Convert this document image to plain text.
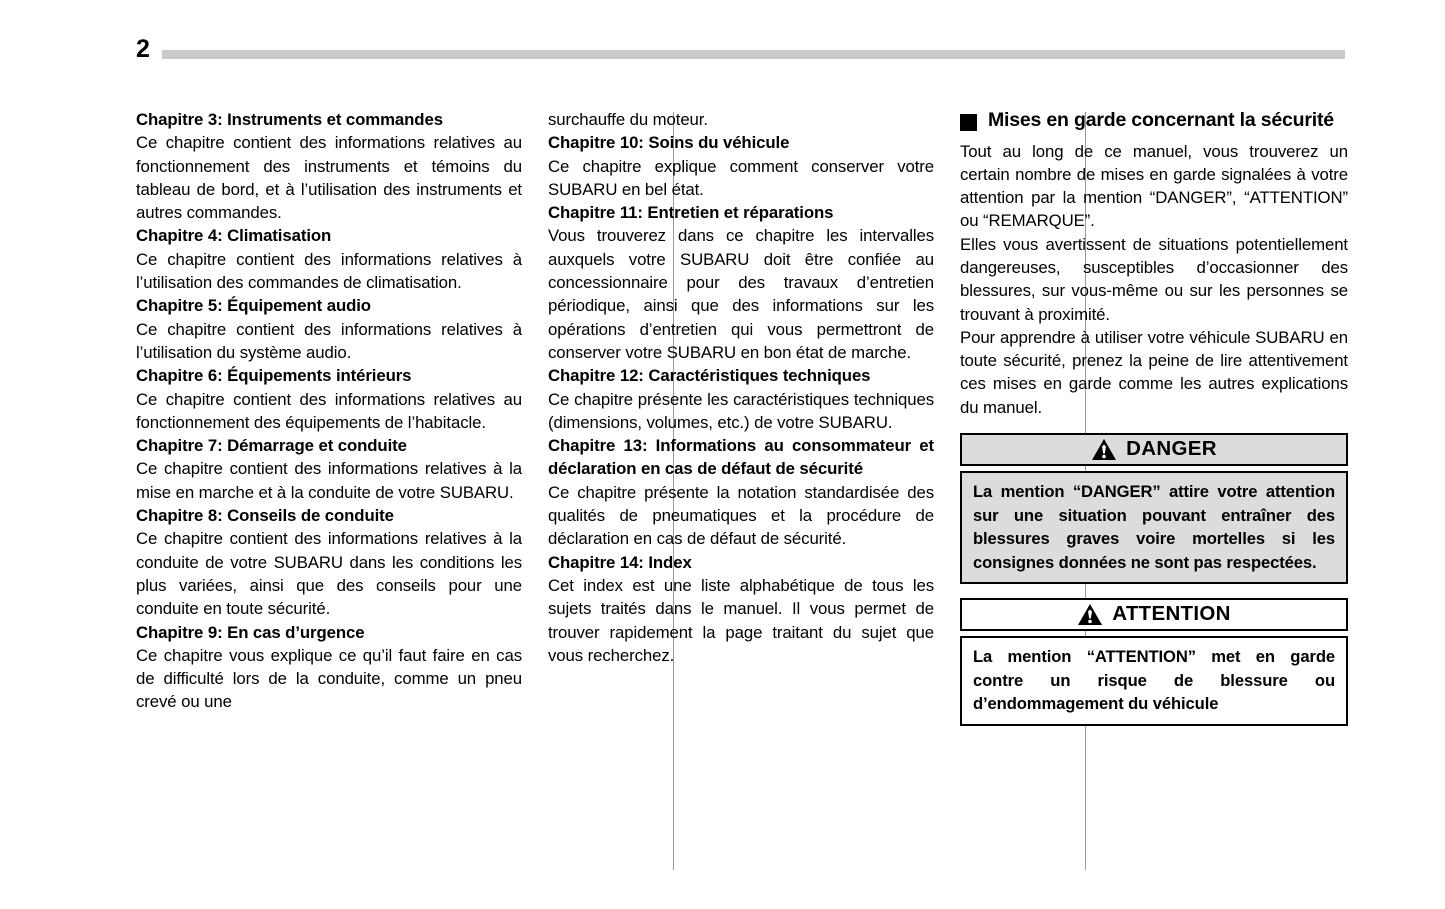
2
Chapitre 3: Instruments et commandes

Ce chapitre contient des informations relatives au fonctionnement des instruments et témoins du tableau de bord, et à l’utilisation des instruments et autres commandes.

Chapitre 4: Climatisation

Ce chapitre contient des informations relatives à l’utilisation des commandes de climatisation.

Chapitre 5: Équipement audio

Ce chapitre contient des informations relatives à l’utilisation du système audio.

Chapitre 6: Équipements intérieurs

Ce chapitre contient des informations relatives au fonctionnement des équipements de l’habitacle.

Chapitre 7: Démarrage et conduite

Ce chapitre contient des informations relatives à la mise en marche et à la conduite de votre SUBARU.

Chapitre 8: Conseils de conduite

Ce chapitre contient des informations relatives à la conduite de votre SUBARU dans les conditions les plus variées, ainsi que des conseils pour une conduite en toute sécurité.

Chapitre 9: En cas d’urgence

Ce chapitre vous explique ce qu’il faut faire en cas de difficulté lors de la conduite, comme un pneu crevé ou une

surchauffe du moteur.

Chapitre 10: Soins du véhicule

Ce chapitre explique comment conserver votre SUBARU en bel état.

Chapitre 11: Entretien et réparations

Vous trouverez dans ce chapitre les intervalles auxquels votre SUBARU doit être confiée au concessionnaire pour des travaux d’entretien périodique, ainsi que des informations sur les opérations d’entretien qui vous permettront de conserver votre SUBARU en bon état de marche.

Chapitre 12: Caractéristiques techniques

Ce chapitre présente les caractéristiques techniques (dimensions, volumes, etc.) de votre SUBARU.

Chapitre 13: Informations au consommateur et déclaration en cas de défaut de sécurité

Ce chapitre présente la notation standardisée des qualités de pneumatiques et la procédure de déclaration en cas de défaut de sécurité.

Chapitre 14: Index

Cet index est une liste alphabétique de tous les sujets traités dans le manuel. Il vous permet de trouver rapidement la page traitant du sujet que vous recherchez.

Mises en garde concernant la sécurité

Tout au long de ce manuel, vous trouverez un certain nombre de mises en garde signalées à votre attention par la mention “DANGER”, “ATTENTION” ou “REMARQUE”.

Elles vous avertissent de situations potentiellement dangereuses, susceptibles d’occasionner des blessures, sur vous-même ou sur les personnes se trouvant à proximité.

Pour apprendre à utiliser votre véhicule SUBARU en toute sécurité, prenez la peine de lire attentivement ces mises en garde comme les autres explications du manuel.

DANGER

La mention “DANGER” attire votre attention sur une situation pouvant entraîner des blessures graves voire mortelles si les consignes données ne sont pas respectées.

ATTENTION

La mention “ATTENTION” met en garde contre un risque de blessure ou d’endommagement du véhicule
